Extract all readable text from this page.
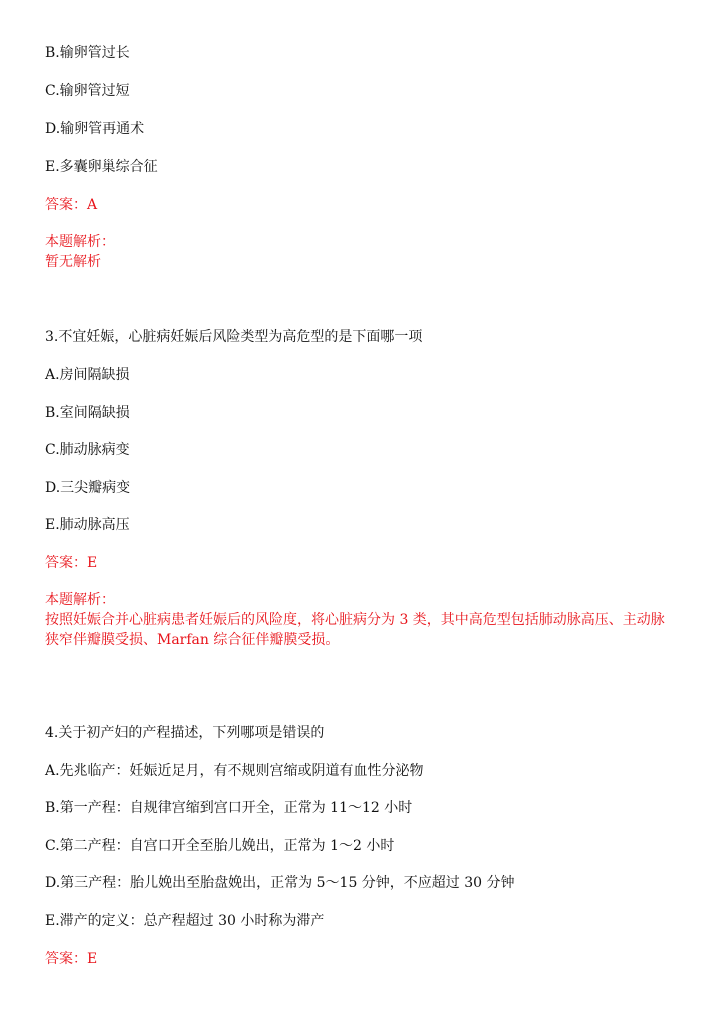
B.输卵管过长
C.输卵管过短
D.输卵管再通术
E.多囊卵巢综合征
答案：A
本题解析：
暂无解析
3.不宜妊娠，心脏病妊娠后风险类型为高危型的是下面哪一项
A.房间隔缺损
B.室间隔缺损
C.肺动脉病变
D.三尖瓣病变
E.肺动脉高压
答案：E
本题解析：
按照妊娠合并心脏病患者妊娠后的风险度，将心脏病分为 3 类，其中高危型包括肺动脉高压、主动脉
狭窄伴瓣膜受损、Marfan 综合征伴瓣膜受损。
4.关于初产妇的产程描述，下列哪项是错误的
A.先兆临产：妊娠近足月，有不规则宫缩或阴道有血性分泌物
B.第一产程：自规律宫缩到宫口开全，正常为 11～12 小时
C.第二产程：自宫口开全至胎儿娩出，正常为 1～2 小时
D.第三产程：胎儿娩出至胎盘娩出，正常为 5～15 分钟，不应超过 30 分钟
E.滞产的定义：总产程超过 30 小时称为滞产
答案：E
